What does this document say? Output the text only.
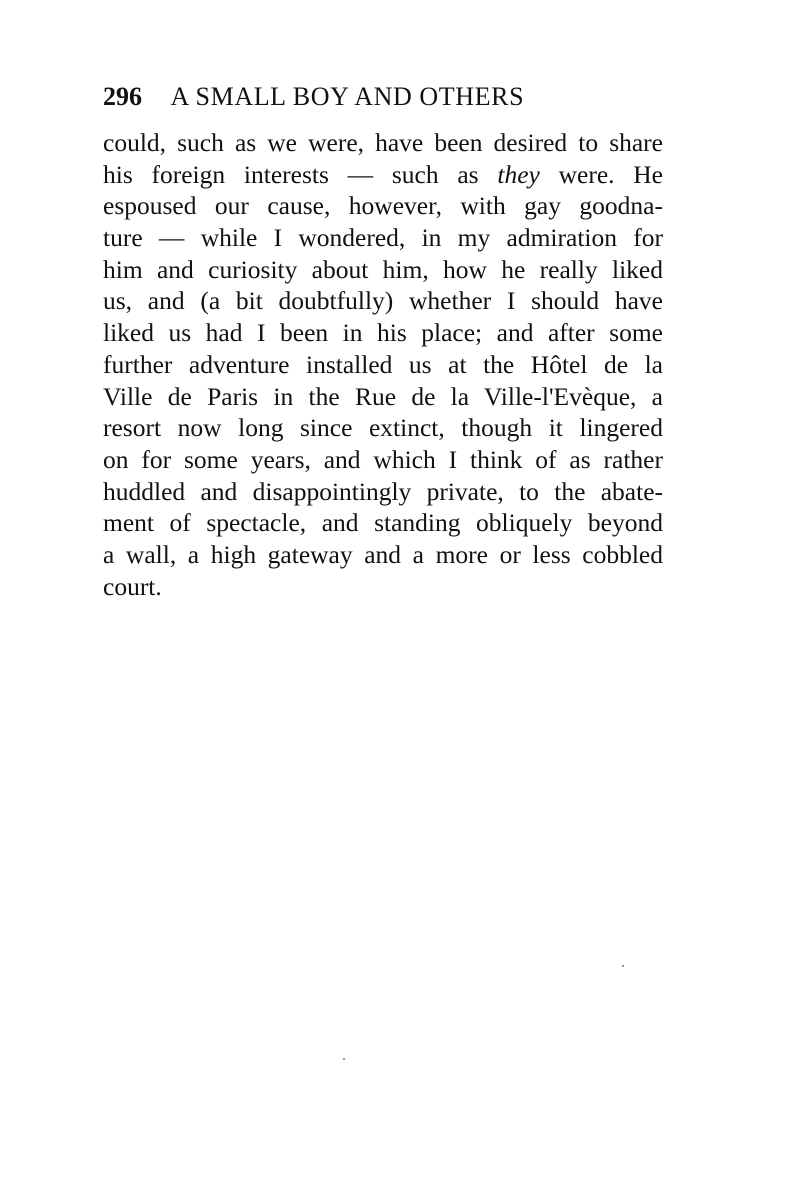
296 A SMALL BOY AND OTHERS
could, such as we were, have been desired to share
his foreign interests — such as they were. He
espoused our cause, however, with gay goodna-
ture — while I wondered, in my admiration for
him and curiosity about him, how he really liked
us, and (a bit doubtfully) whether I should have
liked us had I been in his place; and after some
further adventure installed us at the Hôtel de la
Ville de Paris in the Rue de la Ville-l'Evèque, a
resort now long since extinct, though it lingered
on for some years, and which I think of as rather
huddled and disappointingly private, to the abate-
ment of spectacle, and standing obliquely beyond
a wall, a high gateway and a more or less cobbled
court.
